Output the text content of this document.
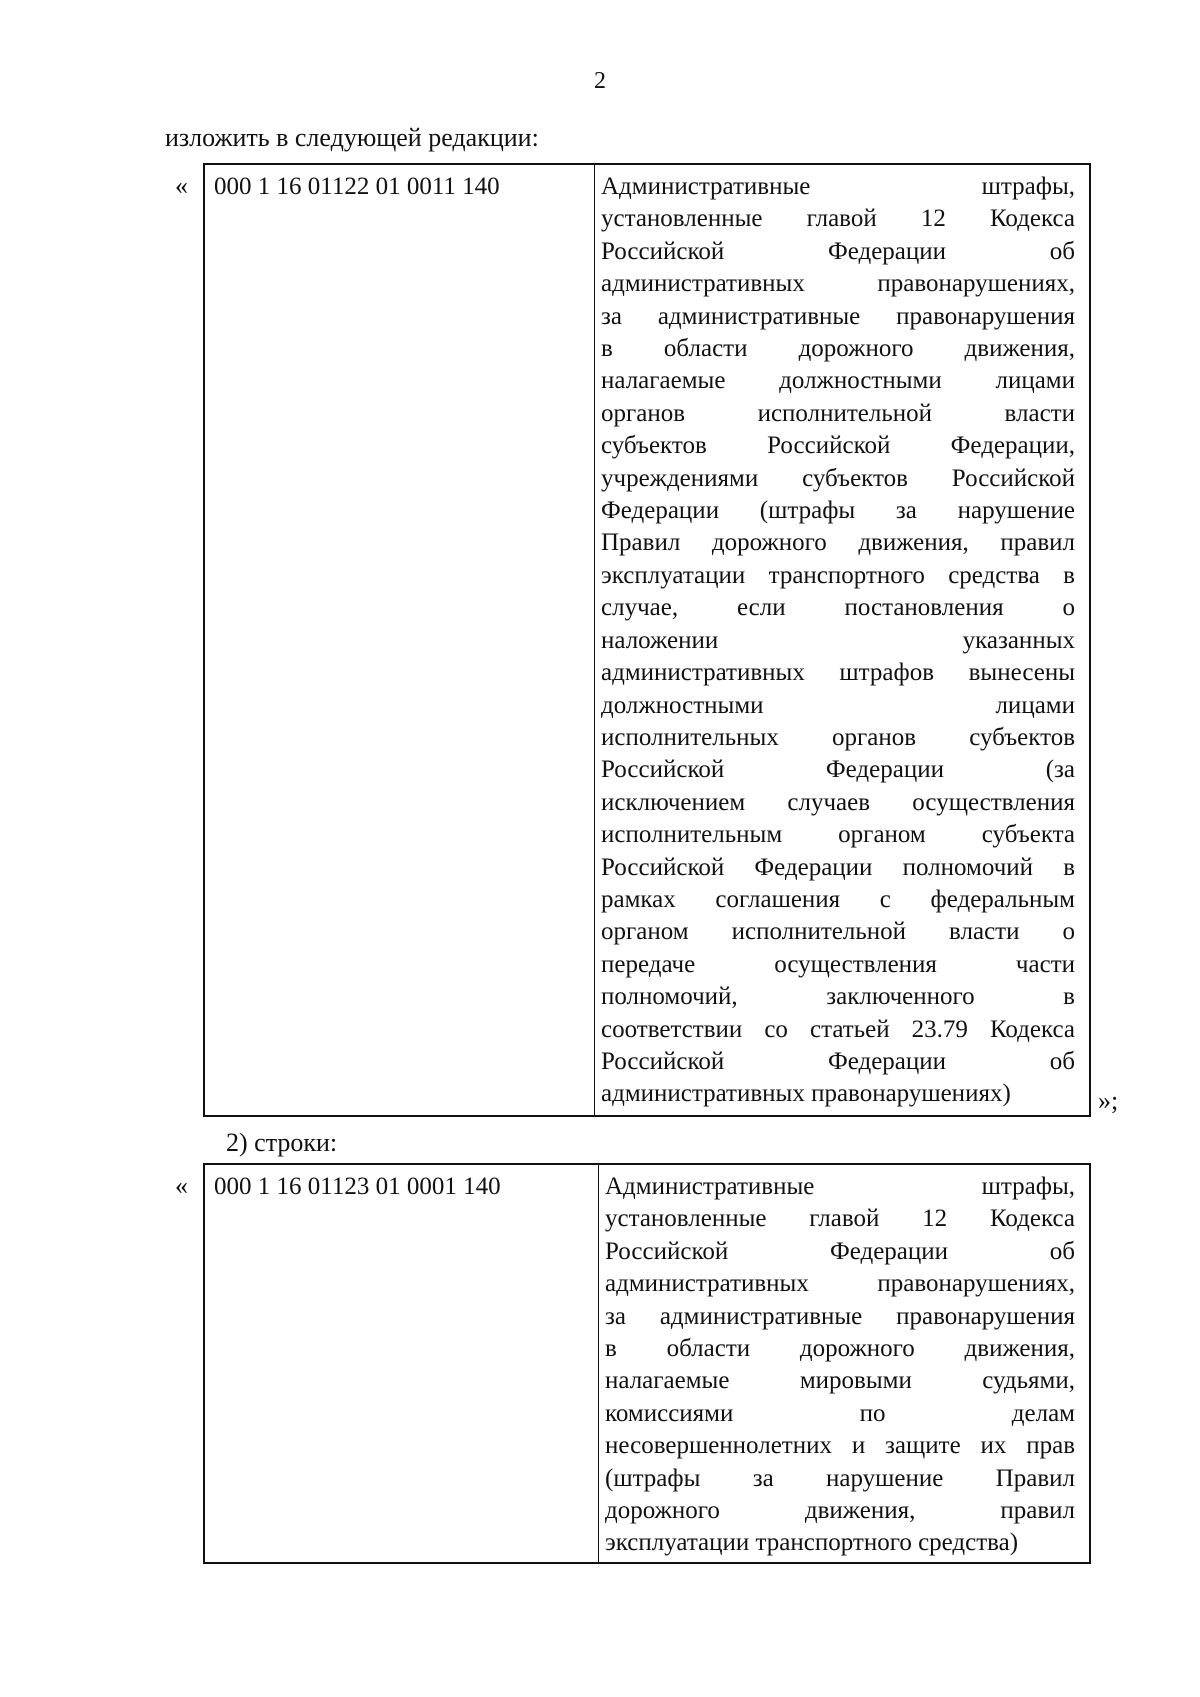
2
изложить в следующей редакции:
«	000 1 16 01122 01 0011 140	Административные штрафы,
установленные главой 12 Кодекса
Российской Федерации об
административных правонарушениях,
за административные правонарушения
в области дорожного движения,
налагаемые должностными лицами
органов исполнительной власти
субъектов Российской Федерации,
учреждениями субъектов Российской
Федерации (штрафы за нарушение
Правил дорожного движения, правил
эксплуатации транспортного средства в
случае, если постановления о
наложении указанных
административных штрафов вынесены
должностными лицами
исполнительных органов субъектов
Российской Федерации (за
исключением случаев осуществления
исполнительным органом субъекта
Российской Федерации полномочий в
рамках соглашения с федеральным
органом исполнительной власти о
передаче осуществления части
полномочий, заключенного в
соответствии со статьей 23.79 Кодекса
Российской Федерации об
административных правонарушениях)	»;
2) строки:
«	000 1 16 01123 01 0001 140	Административные штрафы,
установленные главой 12 Кодекса
Российской Федерации об
административных правонарушениях,
за административные правонарушения
в области дорожного движения,
налагаемые мировыми судьями,
комиссиями по делам
несовершеннолетних и защите их прав
(штрафы за нарушение Правил
дорожного движения, правил
эксплуатации транспортного средства)
